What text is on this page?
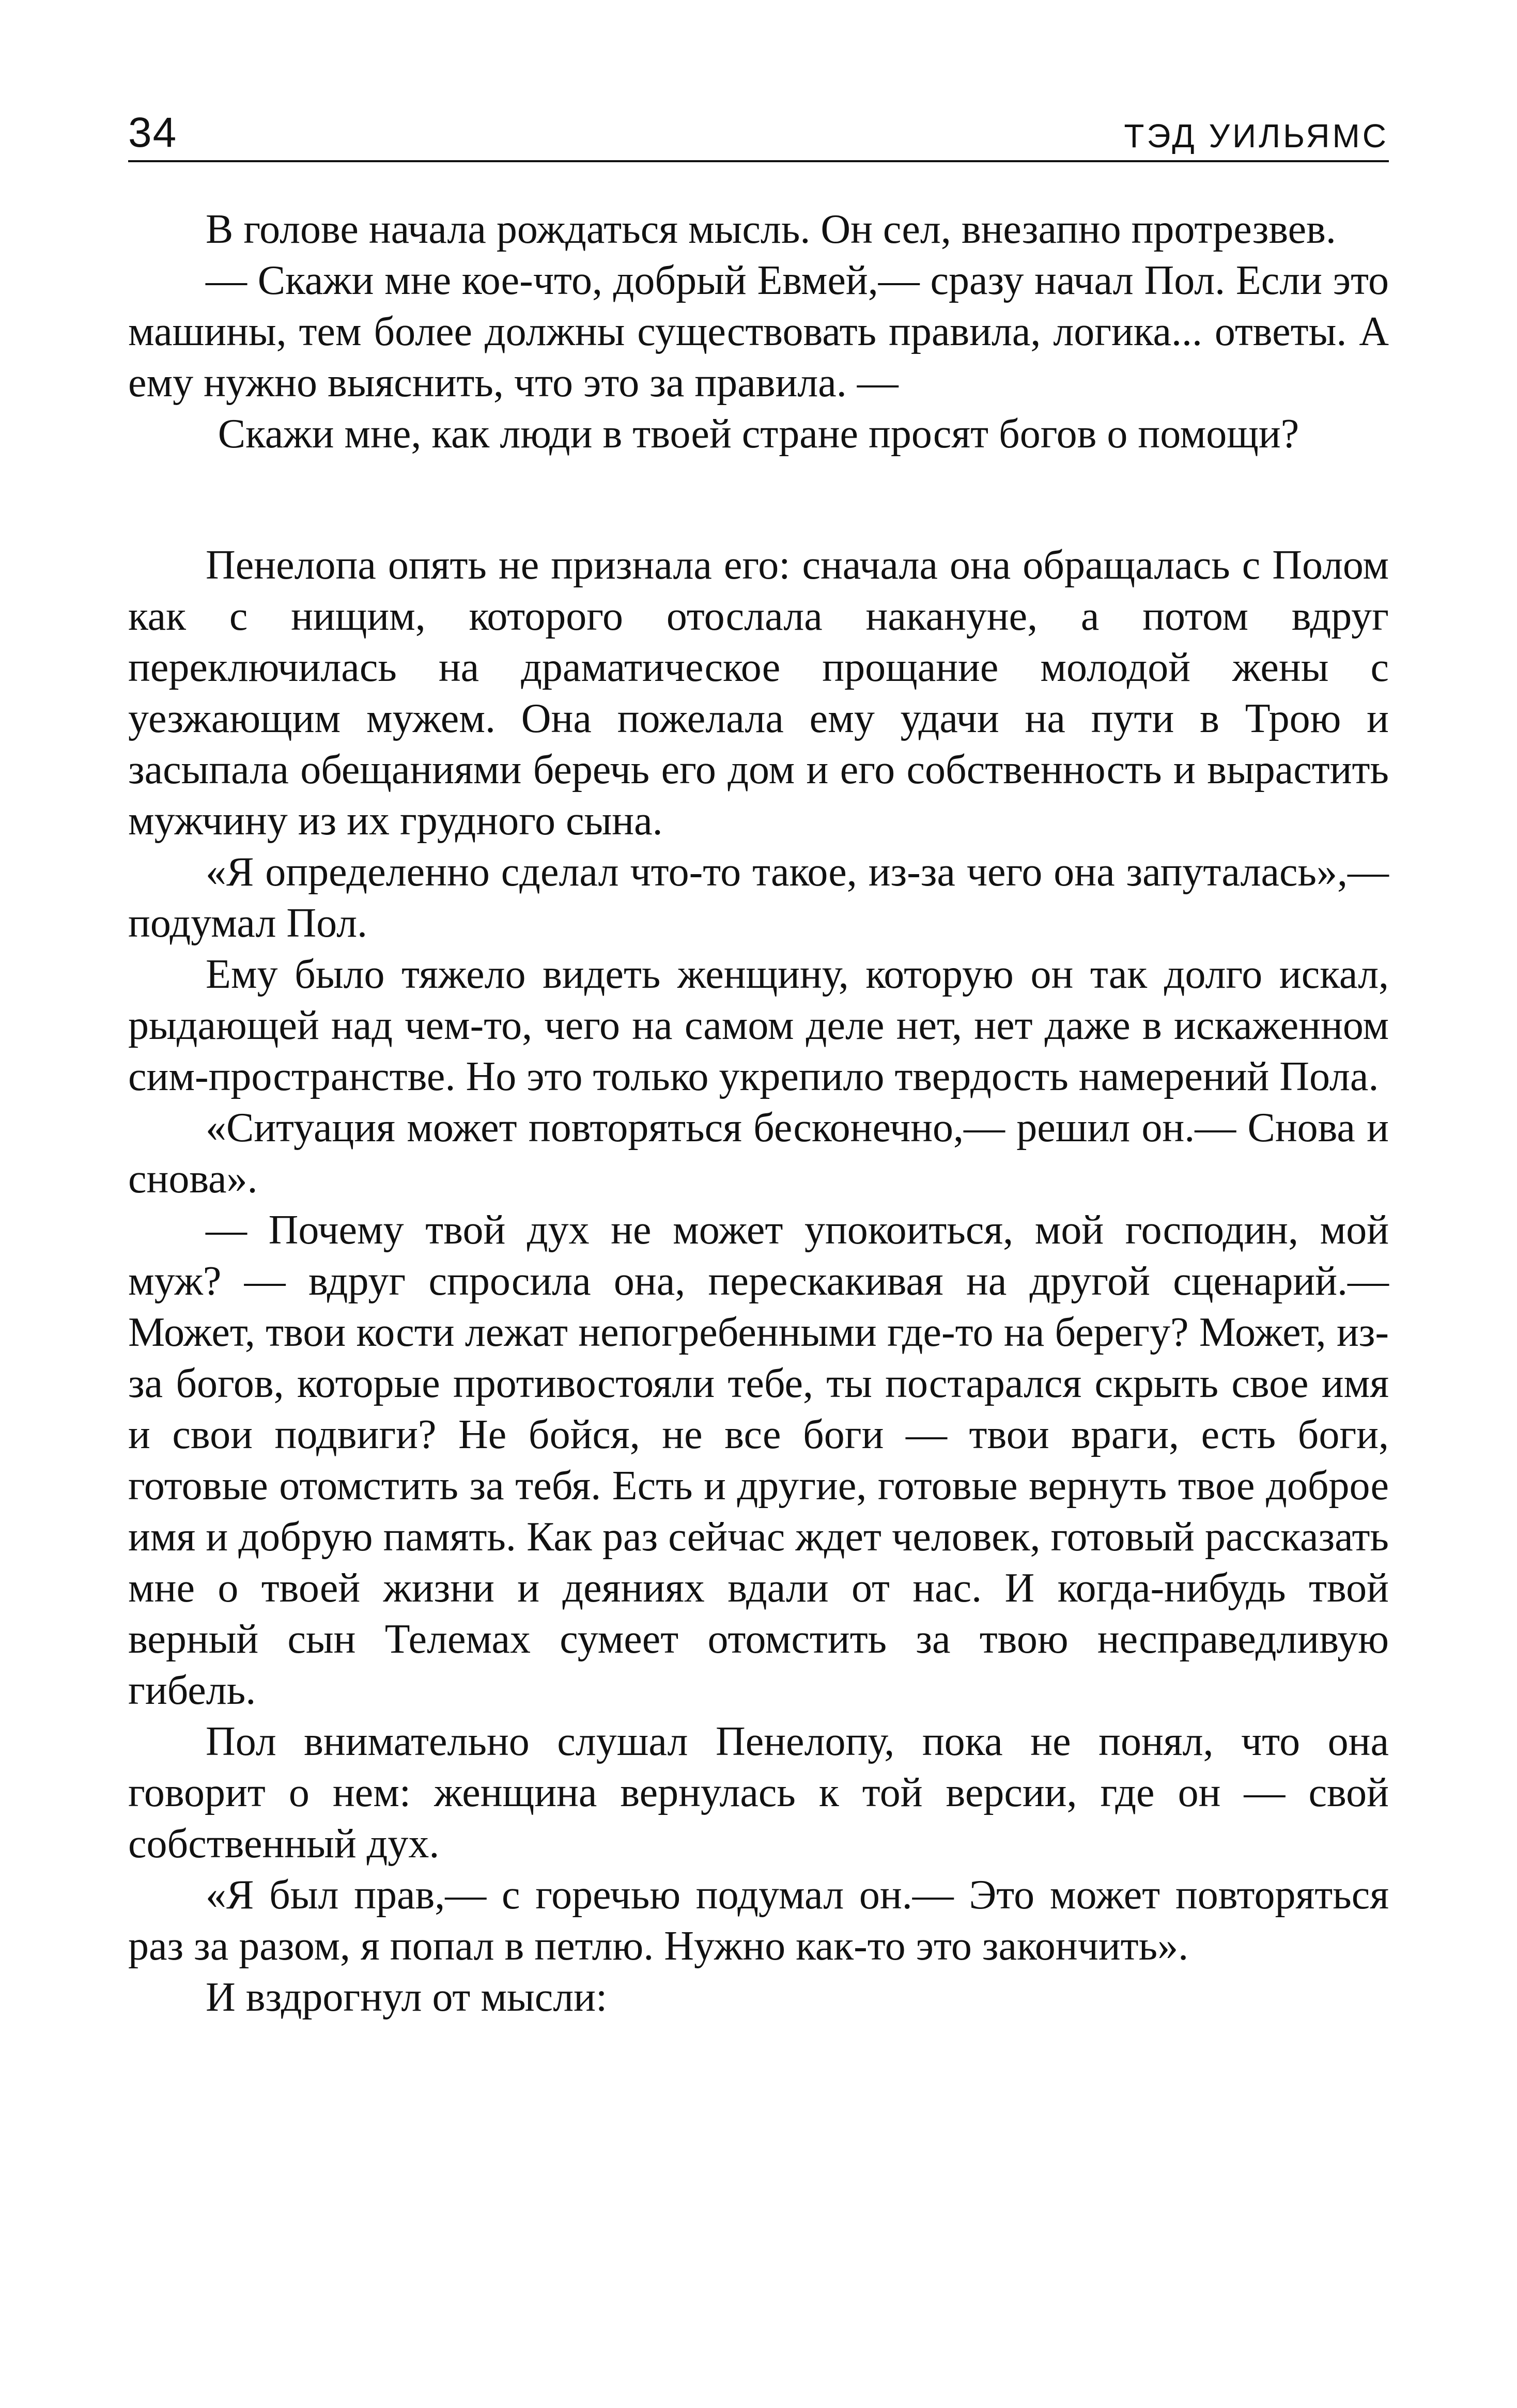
34	ТЭД УИЛЬЯМС

В голове начала рождаться мысль. Он сел, внезапно протрезвев.

— Скажи мне кое-что, добрый Евмей,— сразу начал Пол. Если это машины, тем более должны существовать правила, логика... ответы. А ему нужно выяснить, что это за правила. —

Скажи мне, как люди в твоей стране просят богов о помощи?

Пенелопа опять не признала его: сначала она обращалась с Полом как с нищим, которого отослала накануне, а потом вдруг переключилась на драматическое прощание молодой жены с уезжающим мужем. Она пожелала ему удачи на пути в Трою и засыпала обещаниями беречь его дом и его собственность и вырастить мужчину из их грудного сына.

«Я определенно сделал что-то такое, из-за чего она запуталась»,— подумал Пол.

Ему было тяжело видеть женщину, которую он так долго искал, рыдающей над чем-то, чего на самом деле нет, нет даже в искаженном сим-пространстве. Но это только укрепило твердость намерений Пола.

«Ситуация может повторяться бесконечно,— решил он.— Снова и снова».

— Почему твой дух не может упокоиться, мой господин, мой муж? — вдруг спросила она, перескакивая на другой сценарий.— Может, твои кости лежат непогребенными где-то на берегу? Может, из-за богов, которые противостояли тебе, ты постарался скрыть свое имя и свои подвиги? Не бойся, не все боги — твои враги, есть боги, готовые отомстить за тебя. Есть и другие, готовые вернуть твое доброе имя и добрую память. Как раз сейчас ждет человек, готовый рассказать мне о твоей жизни и деяниях вдали от нас. И когда-нибудь твой верный сын Телемах сумеет отомстить за твою несправедливую гибель.

Пол внимательно слушал Пенелопу, пока не понял, что она говорит о нем: женщина вернулась к той версии, где он — свой собственный дух.

«Я был прав,— с горечью подумал он.— Это может повторяться раз за разом, я попал в петлю. Нужно как-то это закончить».

И вздрогнул от мысли:
